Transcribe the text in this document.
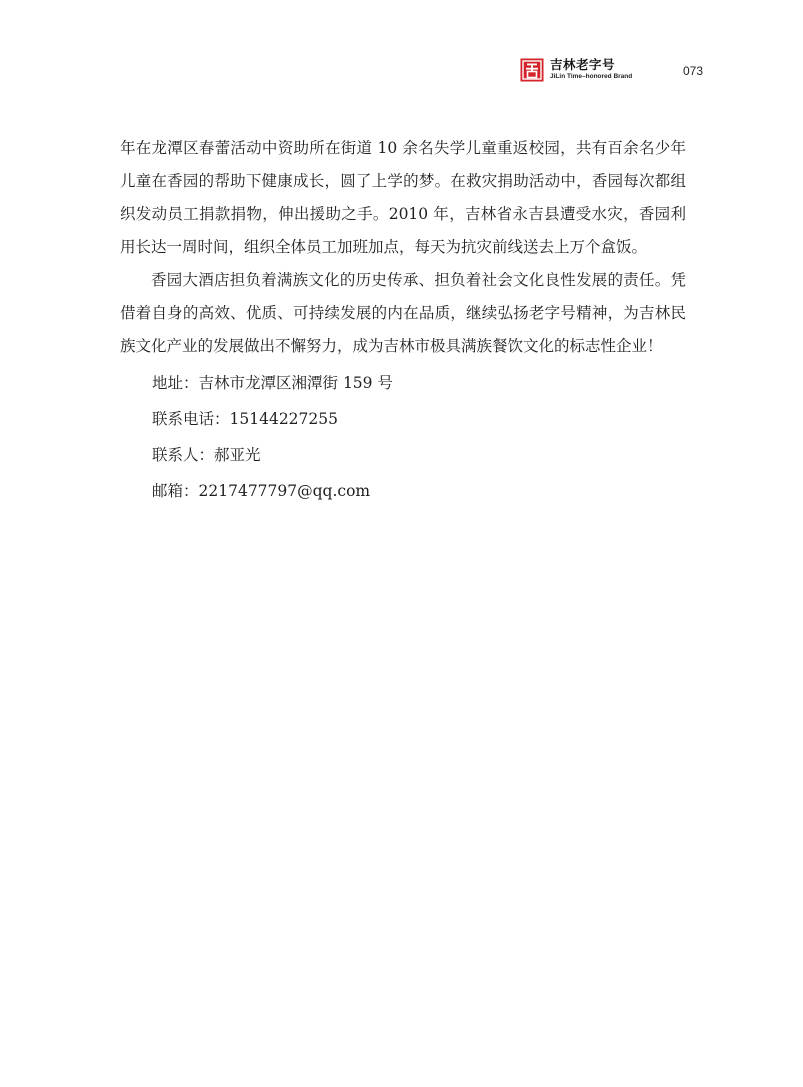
吉林老字号
JiLin Time–honored Brand	073

年在龙潭区春蕾活动中资助所在街道 10 余名失学儿童重返校园，共有百余名少年儿童在香园的帮助下健康成长，圆了上学的梦。在救灾捐助活动中，香园每次都组织发动员工捐款捐物，伸出援助之手。2010 年，吉林省永吉县遭受水灾，香园利用长达一周时间，组织全体员工加班加点，每天为抗灾前线送去上万个盒饭。

香园大酒店担负着满族文化的历史传承、担负着社会文化良性发展的责任。凭借着自身的高效、优质、可持续发展的内在品质，继续弘扬老字号精神，为吉林民族文化产业的发展做出不懈努力，成为吉林市极具满族餐饮文化的标志性企业！

地址：吉林市龙潭区湘潭街 159 号
联系电话：15144227255
联系人：郝亚光
邮箱：2217477797@qq.com
